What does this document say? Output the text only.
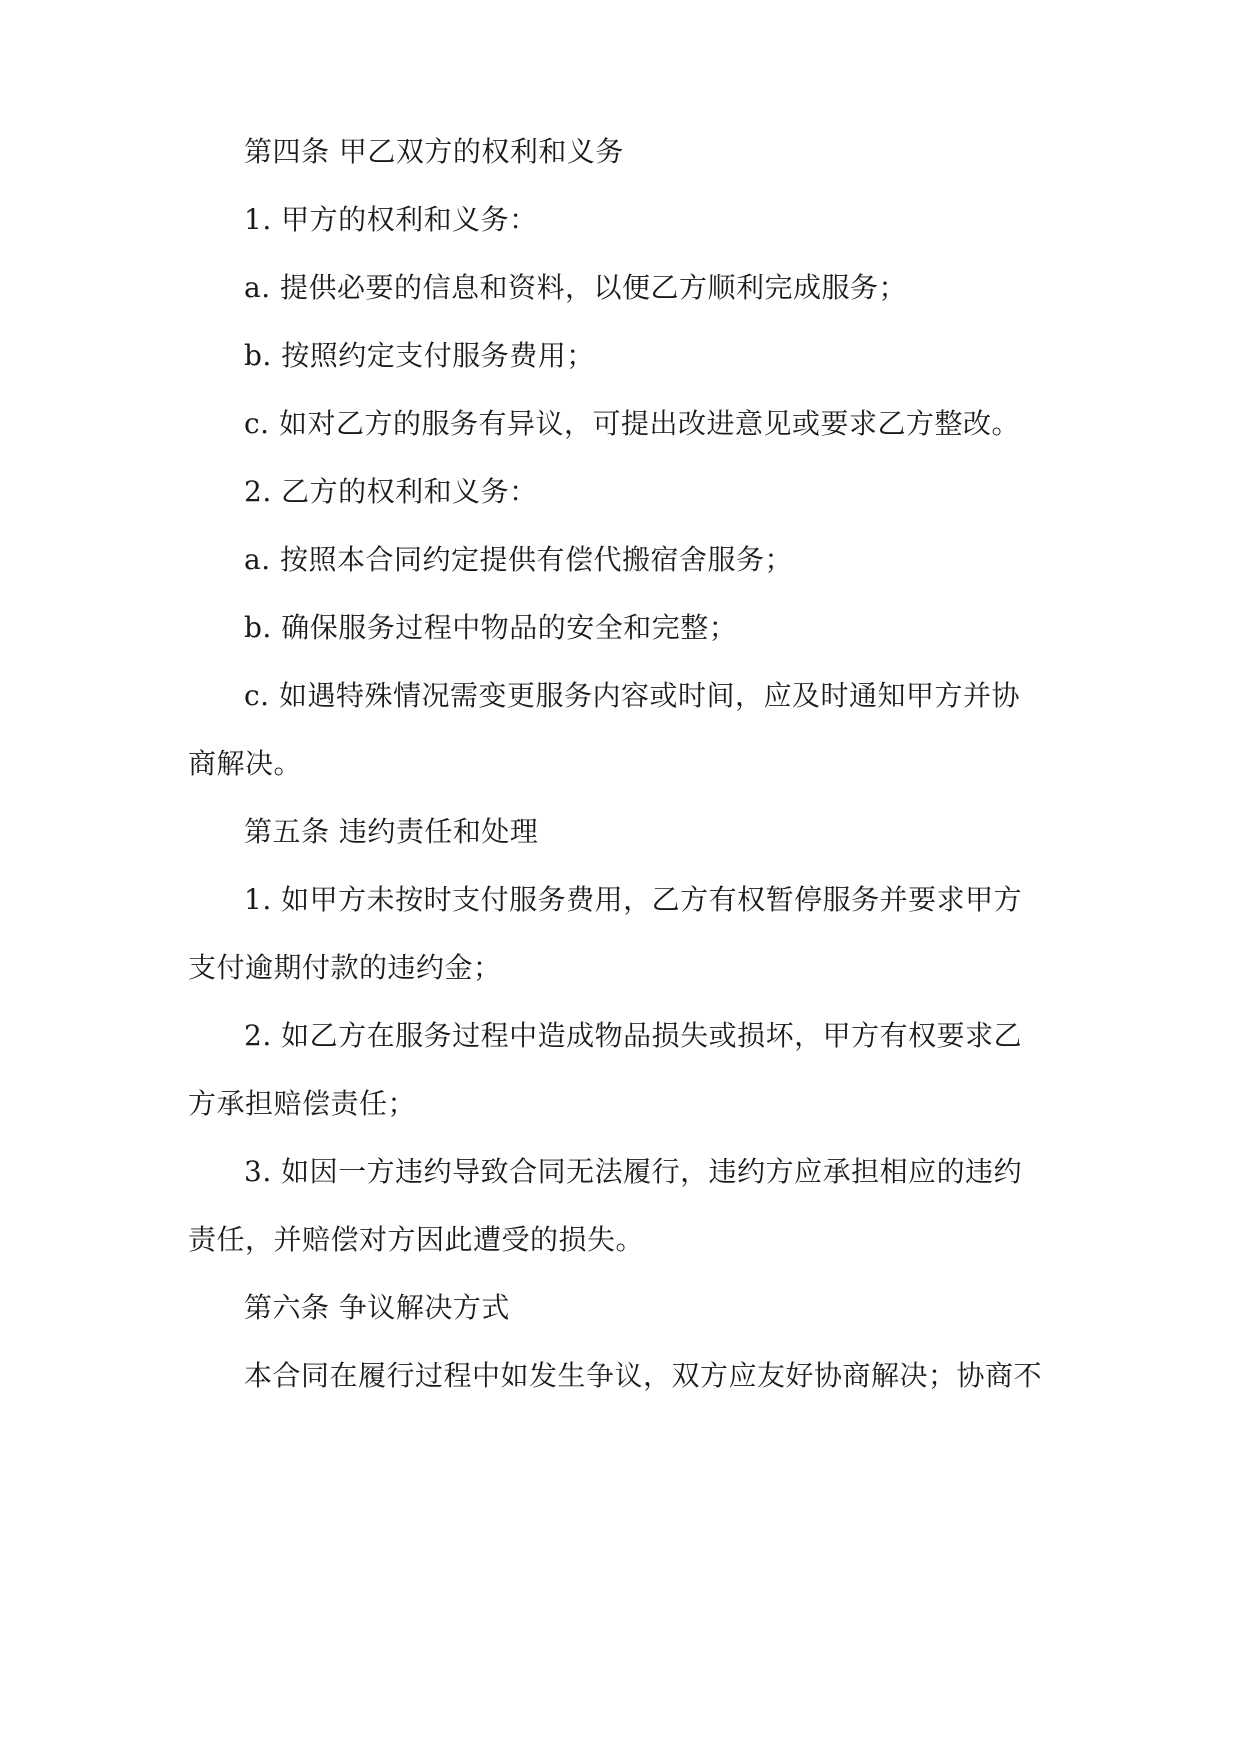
第四条 甲乙双方的权利和义务
1. 甲方的权利和义务：
a. 提供必要的信息和资料，以便乙方顺利完成服务；
b. 按照约定支付服务费用；
c. 如对乙方的服务有异议，可提出改进意见或要求乙方整改。
2. 乙方的权利和义务：
a. 按照本合同约定提供有偿代搬宿舍服务；
b. 确保服务过程中物品的安全和完整；
c. 如遇特殊情况需变更服务内容或时间，应及时通知甲方并协
商解决。
第五条 违约责任和处理
1. 如甲方未按时支付服务费用，乙方有权暂停服务并要求甲方
支付逾期付款的违约金；
2. 如乙方在服务过程中造成物品损失或损坏，甲方有权要求乙
方承担赔偿责任；
3. 如因一方违约导致合同无法履行，违约方应承担相应的违约
责任，并赔偿对方因此遭受的损失。
第六条 争议解决方式
本合同在履行过程中如发生争议，双方应友好协商解决；协商不
